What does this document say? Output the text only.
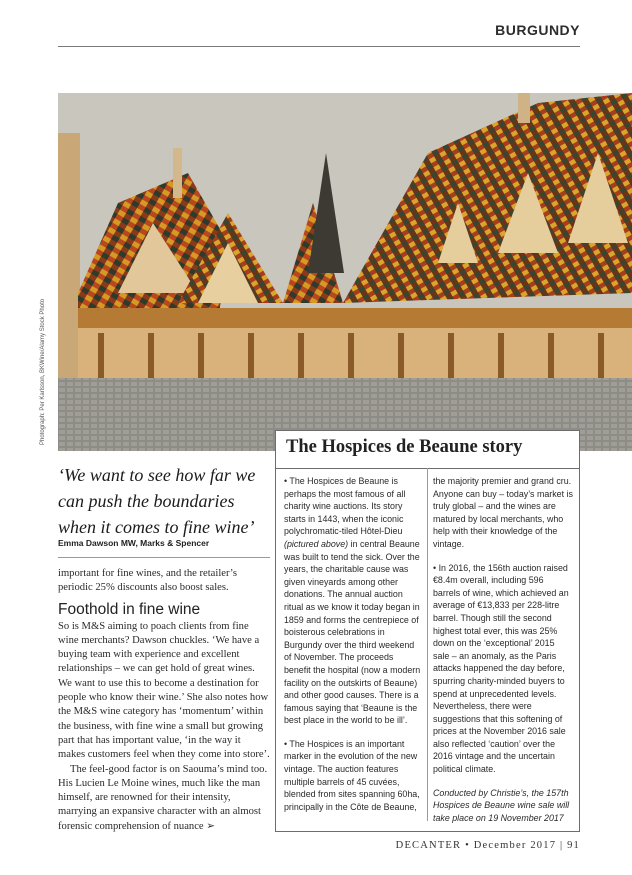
BURGUNDY
Photograph: Per Karlsson, BKWine/Alamy Stock Photo
‘We want to see how far we can push the boundaries when it comes to fine wine’
Emma Dawson MW, Marks & Spencer

important for fine wines, and the retailer’s periodic 25% discounts also boost sales.

Foothold in fine wine

So is M&S aiming to poach clients from fine wine merchants? Dawson chuckles. ‘We have a buying team with experience and excellent relationships – we can get hold of great wines. We want to use this to become a destination for people who know their wine.’ She also notes how the M&S wine category has ‘momentum’ within the business, with fine wine a small but growing part that has important value, ‘in the way it makes customers feel when they come into store’.

The feel-good factor is on Saouma’s mind too. His Lucien Le Moine wines, much like the man himself, are renowned for their intensity, marrying an expansive character with an almost forensic comprehension of nuance ➢

The Hospices de Beaune story

• The Hospices de Beaune is perhaps the most famous of all charity wine auctions. Its story starts in 1443, when the iconic polychromatic-tiled Hôtel-Dieu (pictured above) in central Beaune was built to tend the sick. Over the years, the charitable cause was given vineyards among other donations. The annual auction ritual as we know it today began in 1859 and forms the centrepiece of boisterous celebrations in Burgundy over the third weekend of November. The proceeds benefit the hospital (now a modern facility on the outskirts of Beaune) and other good causes. There is a famous saying that ‘Beaune is the best place in the world to be ill’.

• The Hospices is an important marker in the evolution of the new vintage. The auction features multiple barrels of 45 cuvées, blended from sites spanning 60ha, principally in the Côte de Beaune,

the majority premier and grand cru. Anyone can buy – today’s market is truly global – and the wines are matured by local merchants, who help with their knowledge of the vintage.

• In 2016, the 156th auction raised €8.4m overall, including 596 barrels of wine, which achieved an average of €13,833 per 228-litre barrel. Though still the second highest total ever, this was 25% down on the ‘exceptional’ 2015 sale – an anomaly, as the Paris attacks happened the day before, spurring charity-minded buyers to spend at unprecedented levels. Nevertheless, there were suggestions that this softening of prices at the November 2016 sale also reflected ‘caution’ over the 2016 vintage and the uncertain political climate.

Conducted by Christie’s, the 157th Hospices de Beaune wine sale will take place on 19 November 2017

DECANTER • December 2017 | 91
